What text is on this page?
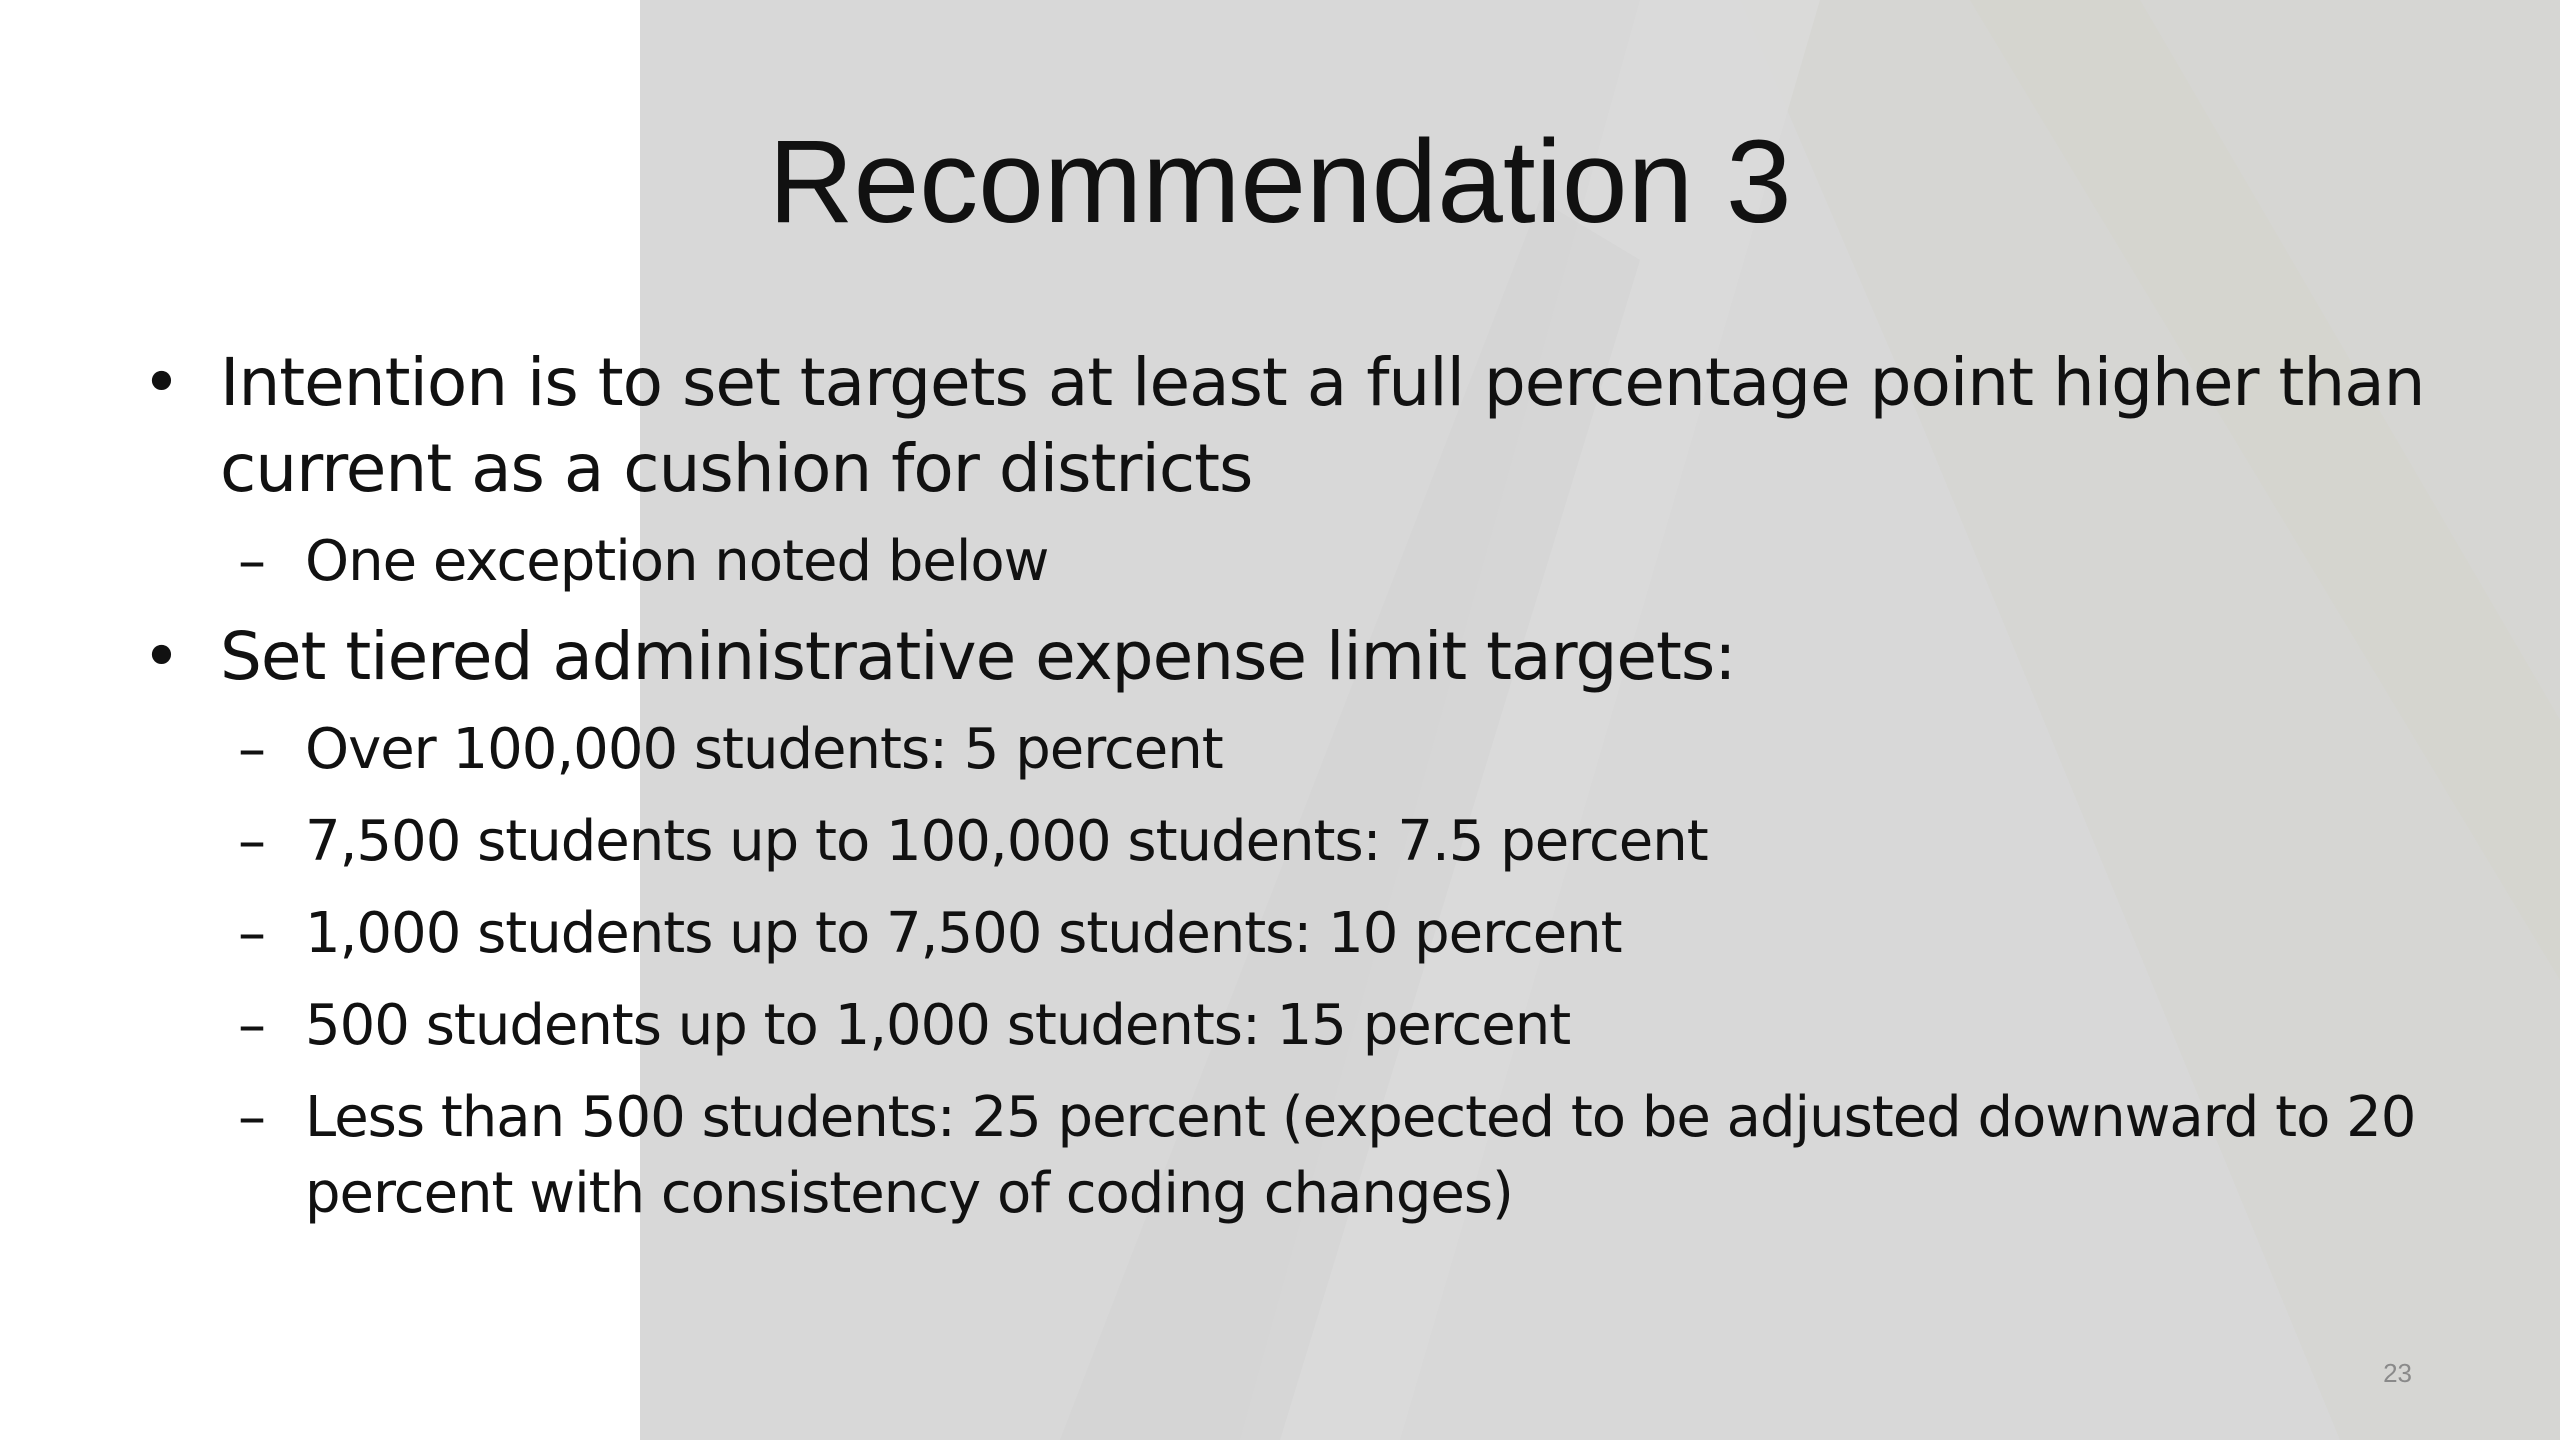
Recommendation 3
• Intention is to set targets at least a full percentage point higher than current as a cushion for districts
– One exception noted below
• Set tiered administrative expense limit targets:
– Over 100,000 students: 5 percent
– 7,500 students up to 100,000 students: 7.5 percent
– 1,000 students up to 7,500 students: 10 percent
– 500 students up to 1,000 students: 15 percent
– Less than 500 students: 25 percent (expected to be adjusted downward to 20 percent with consistency of coding changes)
23
